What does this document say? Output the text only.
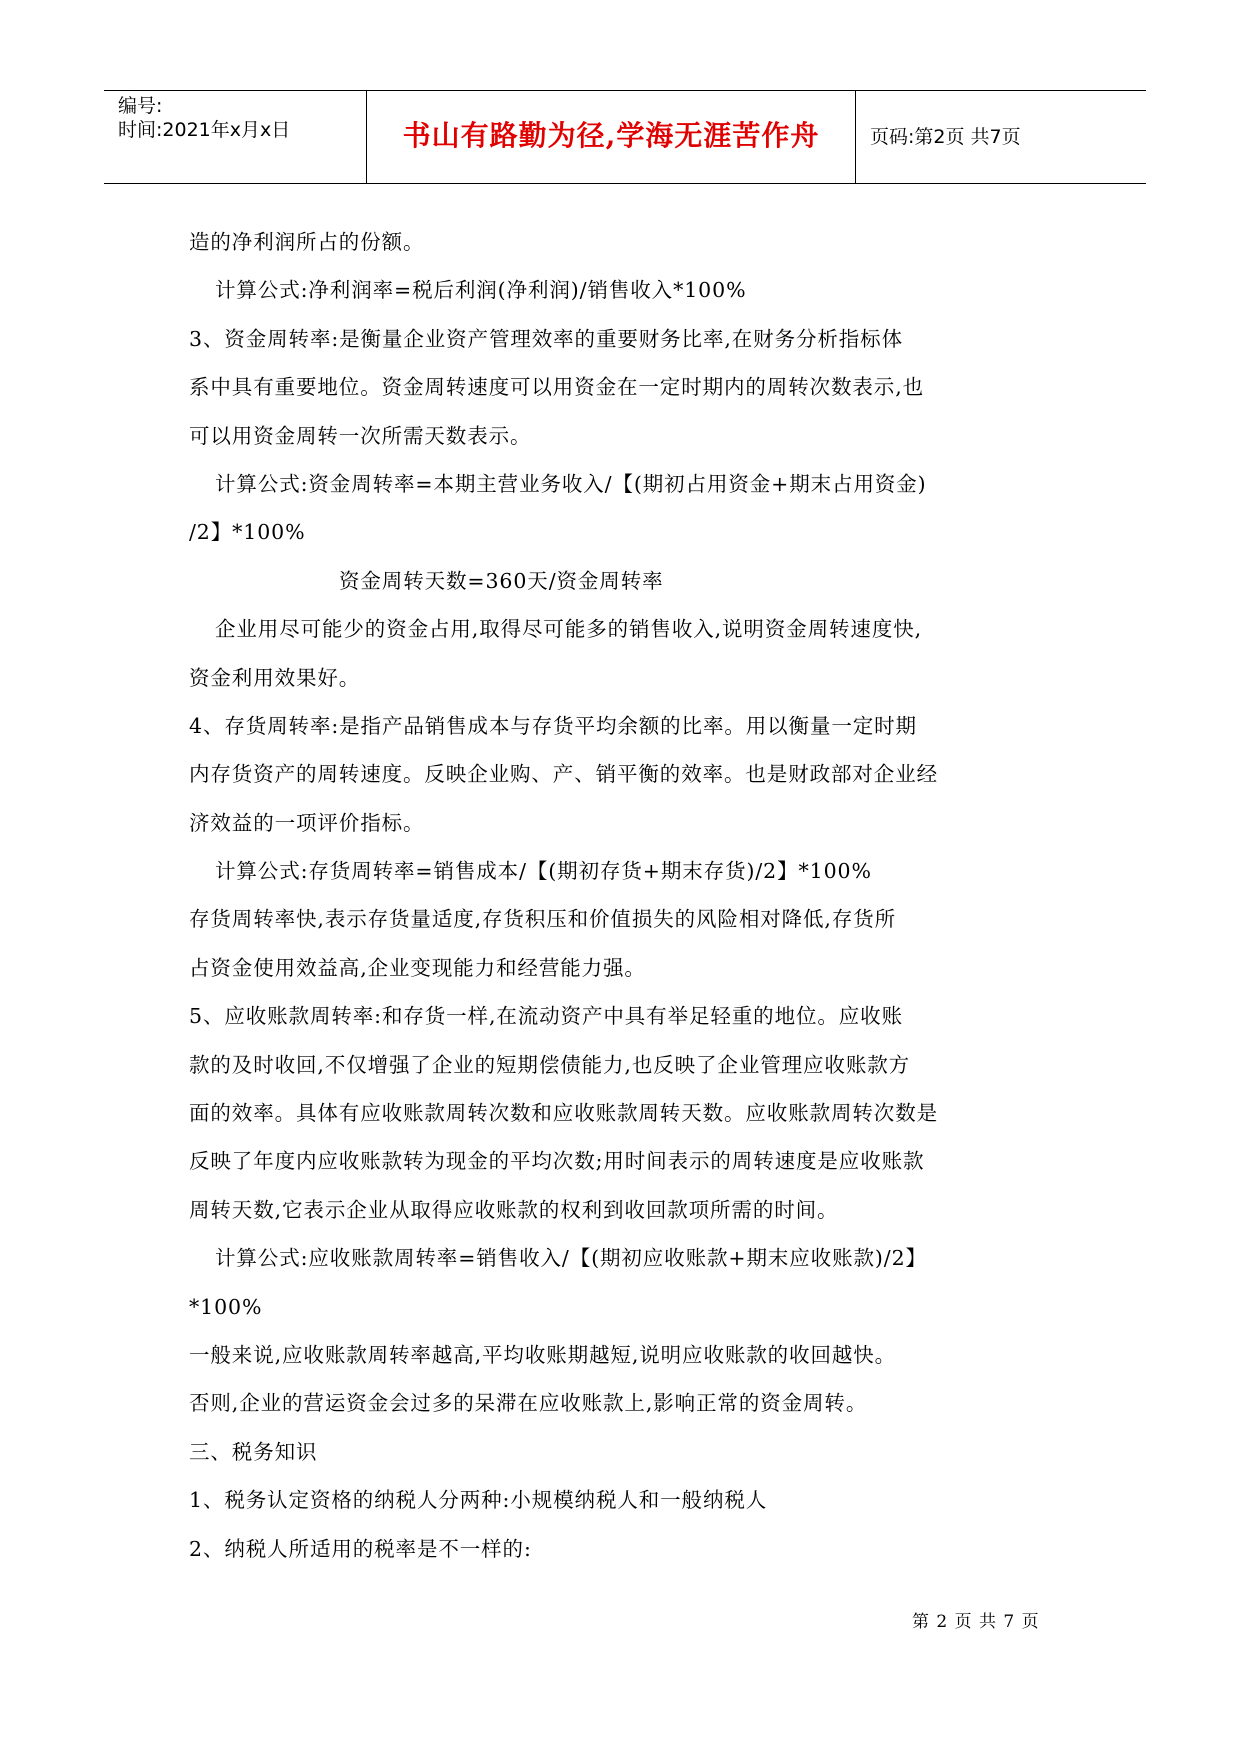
编号:
时间:2021年x月x日	书山有路勤为径,学海无涯苦作舟	页码:第2页 共7页
造的净利润所占的份额。
计算公式:净利润率=税后利润(净利润)/销售收入*100%
3、资金周转率:是衡量企业资产管理效率的重要财务比率,在财务分析指标体
系中具有重要地位。资金周转速度可以用资金在一定时期内的周转次数表示,也
可以用资金周转一次所需天数表示。
计算公式:资金周转率=本期主营业务收入/【(期初占用资金+期末占用资金)
/2】*100%
资金周转天数=360天/资金周转率
企业用尽可能少的资金占用,取得尽可能多的销售收入,说明资金周转速度快,
资金利用效果好。
4、存货周转率:是指产品销售成本与存货平均余额的比率。用以衡量一定时期
内存货资产的周转速度。反映企业购、产、销平衡的效率。也是财政部对企业经
济效益的一项评价指标。
计算公式:存货周转率=销售成本/【(期初存货+期末存货)/2】*100%
存货周转率快,表示存货量适度,存货积压和价值损失的风险相对降低,存货所
占资金使用效益高,企业变现能力和经营能力强。
5、应收账款周转率:和存货一样,在流动资产中具有举足轻重的地位。应收账
款的及时收回,不仅增强了企业的短期偿债能力,也反映了企业管理应收账款方
面的效率。具体有应收账款周转次数和应收账款周转天数。应收账款周转次数是
反映了年度内应收账款转为现金的平均次数;用时间表示的周转速度是应收账款
周转天数,它表示企业从取得应收账款的权利到收回款项所需的时间。
计算公式:应收账款周转率=销售收入/【(期初应收账款+期末应收账款)/2】
*100%
一般来说,应收账款周转率越高,平均收账期越短,说明应收账款的收回越快。
否则,企业的营运资金会过多的呆滞在应收账款上,影响正常的资金周转。
三、税务知识
1、税务认定资格的纳税人分两种:小规模纳税人和一般纳税人
2、纳税人所适用的税率是不一样的:
第 2 页 共 7 页
